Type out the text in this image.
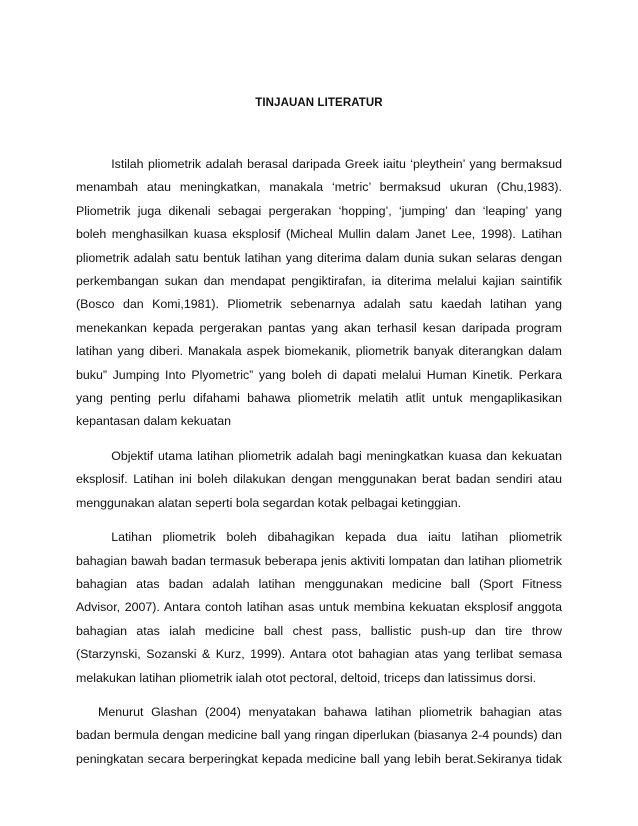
TINJAUAN LITERATUR
Istilah pliometrik adalah berasal daripada Greek iaitu ‘pleythein’ yang bermaksud
menambah atau meningkatkan, manakala ‘metric’ bermaksud ukuran (Chu,1983).
Pliometrik juga dikenali sebagai pergerakan ‘hopping’, ‘jumping’ dan ‘leaping’ yang
boleh menghasilkan kuasa eksplosif (Micheal Mullin dalam Janet Lee, 1998). Latihan
pliometrik adalah satu bentuk latihan yang diterima dalam dunia sukan selaras dengan
perkembangan sukan dan mendapat pengiktirafan, ia diterima melalui kajian saintifik
(Bosco dan Komi,1981). Pliometrik sebenarnya adalah satu kaedah latihan yang
menekankan kepada pergerakan pantas yang akan terhasil kesan daripada program
latihan yang diberi. Manakala aspek biomekanik, pliometrik banyak diterangkan dalam
buku” Jumping Into Plyometric” yang boleh di dapati melalui Human Kinetik. Perkara
yang penting perlu difahami bahawa pliometrik melatih atlit untuk mengaplikasikan
kepantasan dalam kekuatan
Objektif utama latihan pliometrik adalah bagi meningkatkan kuasa dan kekuatan
eksplosif. Latihan ini boleh dilakukan dengan menggunakan berat badan sendiri atau
menggunakan alatan seperti bola segardan kotak pelbagai ketinggian.
Latihan pliometrik boleh dibahagikan kepada dua iaitu latihan pliometrik
bahagian bawah badan termasuk beberapa jenis aktiviti lompatan dan latihan pliometrik
bahagian atas badan adalah latihan menggunakan medicine ball (Sport Fitness
Advisor, 2007). Antara contoh latihan asas untuk membina kekuatan eksplosif anggota
bahagian atas ialah medicine ball chest pass, ballistic push-up dan tire throw
(Starzynski, Sozanski & Kurz, 1999). Antara otot bahagian atas yang terlibat semasa
melakukan latihan pliometrik ialah otot pectoral, deltoid, triceps dan latissimus dorsi.
Menurut Glashan (2004) menyatakan bahawa latihan pliometrik bahagian atas
badan bermula dengan medicine ball yang ringan diperlukan (biasanya 2-4 pounds) dan
peningkatan secara berperingkat kepada medicine ball yang lebih berat.Sekiranya tidak
